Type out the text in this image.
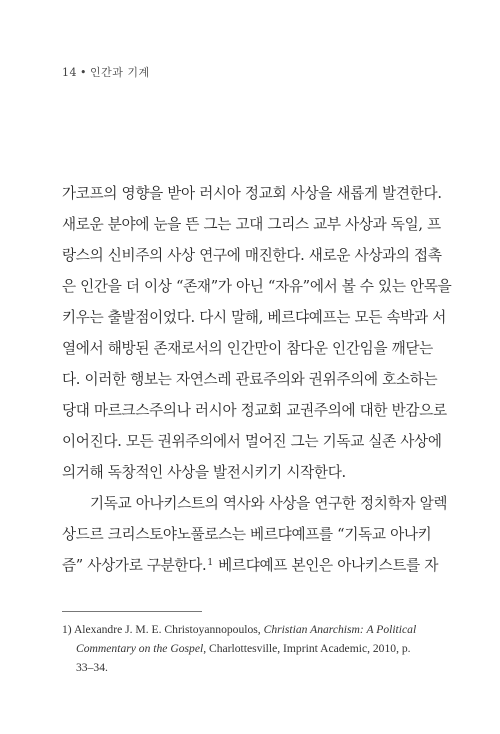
14 • 인간과 기계
가코프의 영향을 받아 러시아 정교회 사상을 새롭게 발견한다.
새로운 분야에 눈을 뜬 그는 고대 그리스 교부 사상과 독일, 프
랑스의 신비주의 사상 연구에 매진한다. 새로운 사상과의 접촉
은 인간을 더 이상 “존재”가 아닌 “자유”에서 볼 수 있는 안목을
키우는 출발점이었다. 다시 말해, 베르댜예프는 모든 속박과 서
열에서 해방된 존재로서의 인간만이 참다운 인간임을 깨닫는
다. 이러한 행보는 자연스레 관료주의와 권위주의에 호소하는
당대 마르크스주의나 러시아 정교회 교권주의에 대한 반감으로
이어진다. 모든 권위주의에서 멀어진 그는 기독교 실존 사상에
의거해 독창적인 사상을 발전시키기 시작한다.
기독교 아나키스트의 역사와 사상을 연구한 정치학자 알렉
상드르 크리스토야노풀로스는 베르댜예프를 “기독교 아나키
즘” 사상가로 구분한다.$^1$ 베르댜예프 본인은 아나키스트를 자
1) Alexandre J. M. E. Christoyannopoulos, Christian Anarchism: A Political
Commentary on the Gospel, Charlottesville, Imprint Academic, 2010, p.
33–34.
